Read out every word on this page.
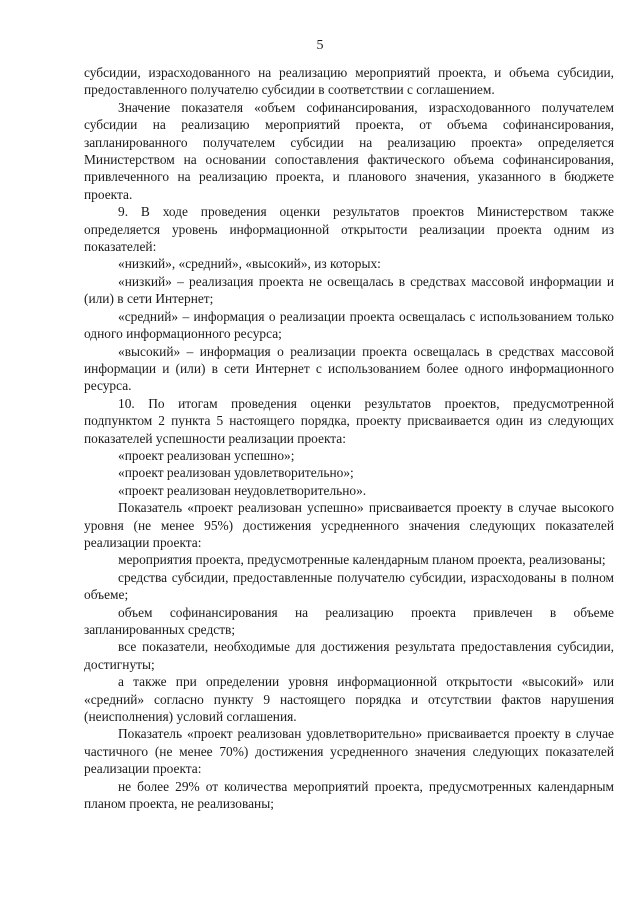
5

субсидии, израсходованного на реализацию мероприятий проекта, и объема субсидии, предоставленного получателю субсидии в соответствии с соглашением.

Значение показателя «объем софинансирования, израсходованного получателем субсидии на реализацию мероприятий проекта, от объема софинансирования, запланированного получателем субсидии на реализацию проекта» определяется Министерством на основании сопоставления фактического объема софинансирования, привлеченного на реализацию проекта, и планового значения, указанного в бюджете проекта.

9. В ходе проведения оценки результатов проектов Министерством также определяется уровень информационной открытости реализации проекта одним из показателей:

«низкий», «средний», «высокий», из которых:

«низкий» – реализация проекта не освещалась в средствах массовой информации и (или) в сети Интернет;

«средний» – информация о реализации проекта освещалась с использованием только одного информационного ресурса;

«высокий» – информация о реализации проекта освещалась в средствах массовой информации и (или) в сети Интернет с использованием более одного информационного ресурса.

10. По итогам проведения оценки результатов проектов, предусмотренной подпунктом 2 пункта 5 настоящего порядка, проекту присваивается один из следующих показателей успешности реализации проекта:

«проект реализован успешно»;

«проект реализован удовлетворительно»;

«проект реализован неудовлетворительно».

Показатель «проект реализован успешно» присваивается проекту в случае высокого уровня (не менее 95%) достижения усредненного значения следующих показателей реализации проекта:

мероприятия проекта, предусмотренные календарным планом проекта, реализованы;

средства субсидии, предоставленные получателю субсидии, израсходованы в полном объеме;

объем софинансирования на реализацию проекта привлечен в объеме запланированных средств;

все показатели, необходимые для достижения результата предоставления субсидии, достигнуты;

а также при определении уровня информационной открытости «высокий» или «средний» согласно пункту 9 настоящего порядка и отсутствии фактов нарушения (неисполнения) условий соглашения.

Показатель «проект реализован удовлетворительно» присваивается проекту в случае частичного (не менее 70%) достижения усредненного значения следующих показателей реализации проекта:

не более 29% от количества мероприятий проекта, предусмотренных календарным планом проекта, не реализованы;
